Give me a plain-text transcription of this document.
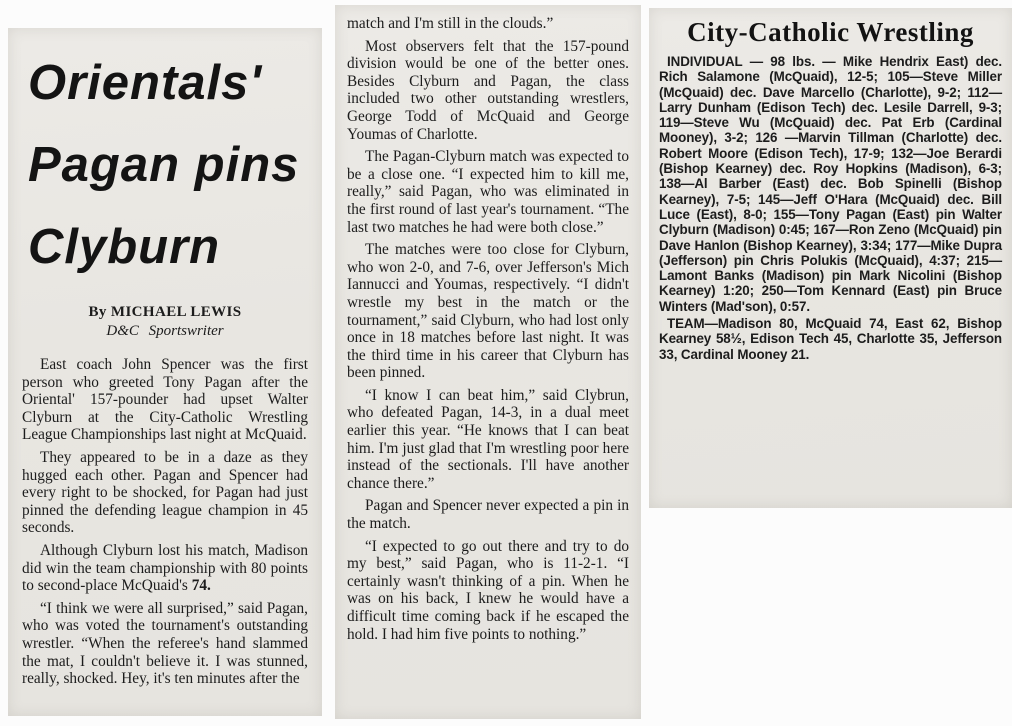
Orientals'
Pagan pins
Clyburn
By MICHAEL LEWIS
D&C Sportswriter

East coach John Spencer was the first person who greeted Tony Pagan after the Oriental' 157-pounder had upset Walter Clyburn at the City-Catholic Wrestling League Championships last night at McQuaid.

They appeared to be in a daze as they hugged each other. Pagan and Spencer had every right to be shocked, for Pagan had just pinned the defending league champion in 45 seconds.

Although Clyburn lost his match, Madison did win the team championship with 80 points to second-place McQuaid's 74.

“I think we were all surprised,” said Pagan, who was voted the tournament's outstanding wrestler. “When the referee's hand slammed the mat, I couldn't believe it. I was stunned, really, shocked. Hey, it's ten minutes after the

match and I'm still in the clouds.”

Most observers felt that the 157-pound division would be one of the better ones. Besides Clyburn and Pagan, the class included two other outstanding wrestlers, George Todd of McQuaid and George Youmas of Charlotte.

The Pagan-Clyburn match was expected to be a close one. “I expected him to kill me, really,” said Pagan, who was eliminated in the first round of last year's tournament. “The last two matches he had were both close.”

The matches were too close for Clyburn, who won 2-0, and 7-6, over Jefferson's Mich Iannucci and Youmas, respectively. “I didn't wrestle my best in the match or the tournament,” said Clyburn, who had lost only once in 18 matches before last night. It was the third time in his career that Clyburn has been pinned.

“I know I can beat him,” said Clybrun, who defeated Pagan, 14-3, in a dual meet earlier this year. “He knows that I can beat him. I'm just glad that I'm wrestling poor here instead of the sectionals. I'll have another chance there.”

Pagan and Spencer never expected a pin in the match.

“I expected to go out there and try to do my best,” said Pagan, who is 11-2-1. “I certainly wasn't thinking of a pin. When he was on his back, I knew he would have a difficult time coming back if he escaped the hold. I had him five points to nothing.”

City-Catholic Wrestling

INDIVIDUAL — 98 lbs. — Mike Hendrix East) dec. Rich Salamone (McQuaid), 12-5; 105—Steve Miller (McQuaid) dec. Dave Marcello (Charlotte), 9-2; 112—Larry Dunham (Edison Tech) dec. Lesile Darrell, 9-3; 119—Steve Wu (McQuaid) dec. Pat Erb (Cardinal Mooney), 3-2; 126 —Marvin Tillman (Charlotte) dec. Robert Moore (Edison Tech), 17-9; 132—Joe Berardi (Bishop Kearney) dec. Roy Hopkins (Madison), 6-3; 138—Al Barber (East) dec. Bob Spinelli (Bishop Kearney), 7-5; 145—Jeff O'Hara (McQuaid) dec. Bill Luce (East), 8-0; 155—Tony Pagan (East) pin Walter Clyburn (Madison) 0:45; 167—Ron Zeno (McQuaid) pin Dave Hanlon (Bishop Kearney), 3:34; 177—Mike Dupra (Jefferson) pin Chris Polukis (McQuaid), 4:37; 215—Lamont Banks (Madison) pin Mark Nicolini (Bishop Kearney) 1:20; 250—Tom Kennard (East) pin Bruce Winters (Mad'son), 0:57.

TEAM—Madison 80, McQuaid 74, East 62, Bishop Kearney 58½, Edison Tech 45, Charlotte 35, Jefferson 33, Cardinal Mooney 21.
